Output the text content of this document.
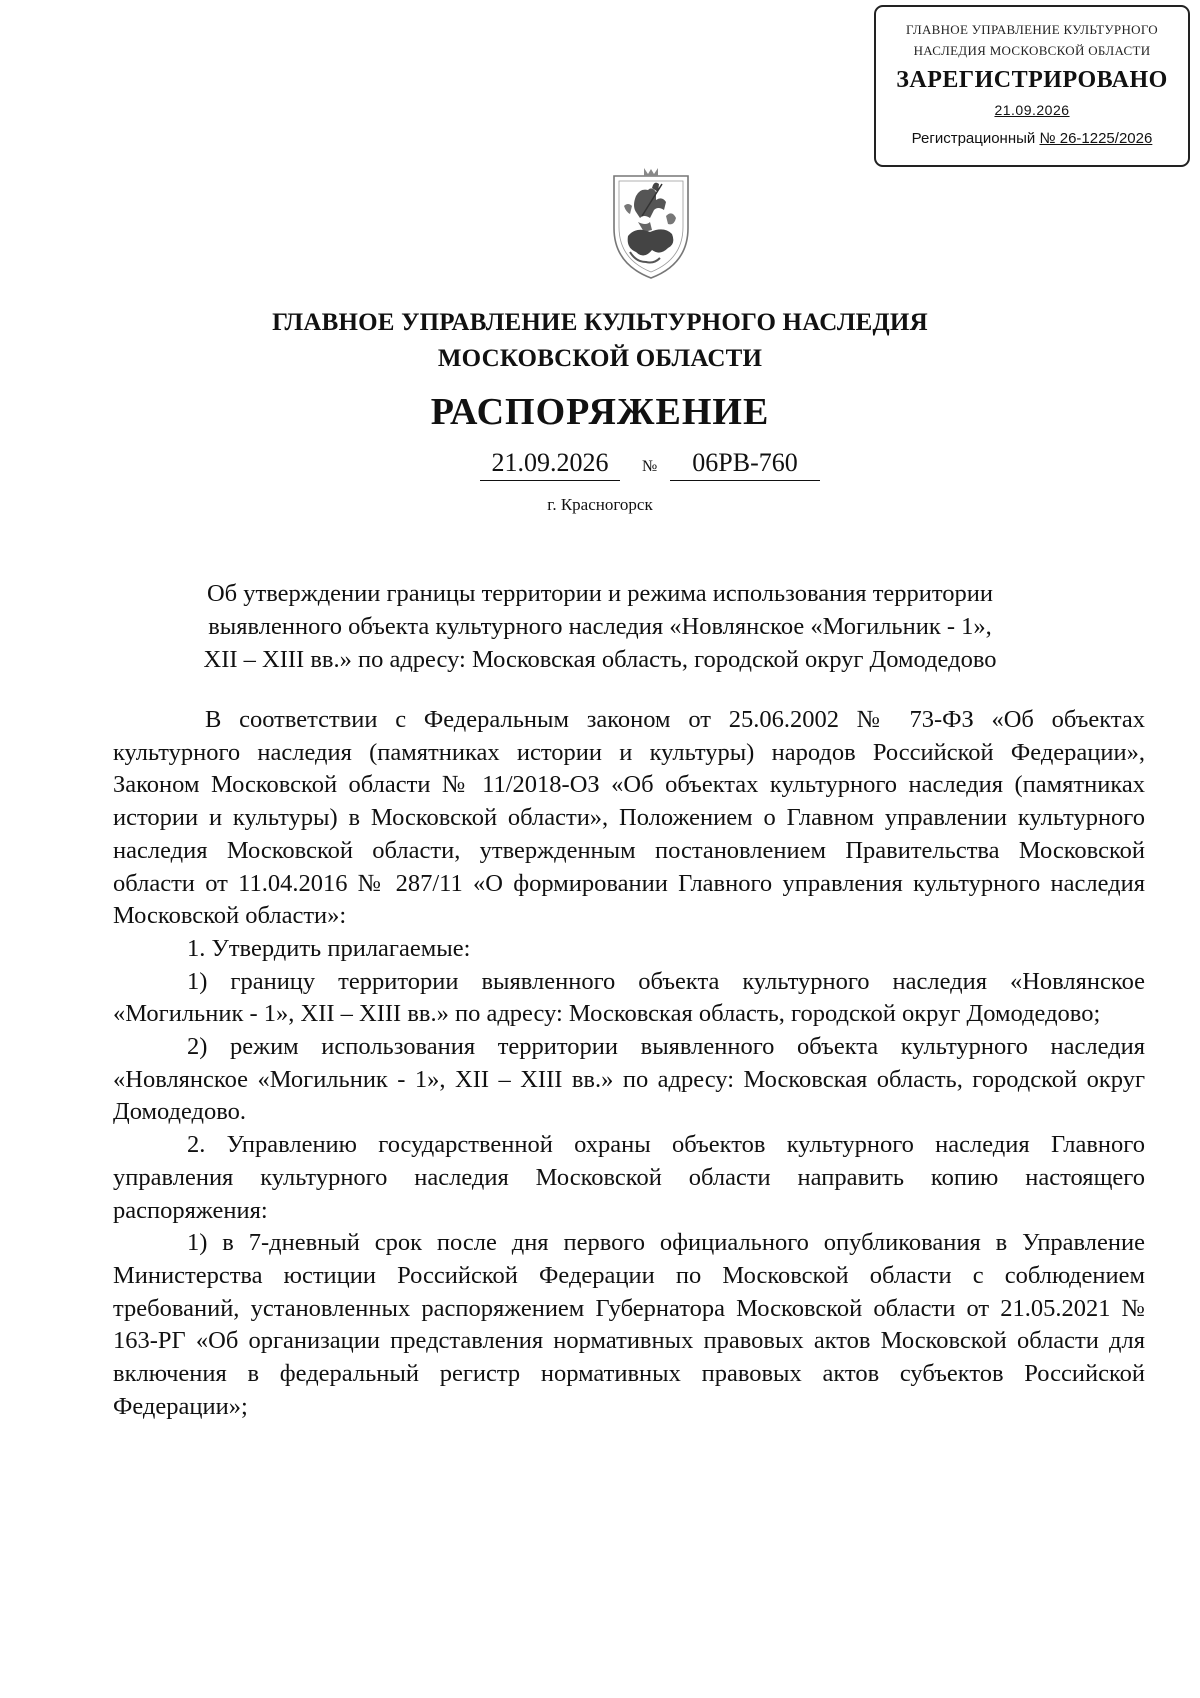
ГЛАВНОЕ УПРАВЛЕНИЕ КУЛЬТУРНОГО
НАСЛЕДИЯ МОСКОВСКОЙ ОБЛАСТИ
ЗАРЕГИСТРИРОВАНО
21.09.2026
Регистрационный № 26-1225/2026
ГЛАВНОЕ УПРАВЛЕНИЕ КУЛЬТУРНОГО НАСЛЕДИЯ
МОСКОВСКОЙ ОБЛАСТИ
РАСПОРЯЖЕНИЕ
21.09.2026	№	06РВ-760
г. Красногорск
Об утверждении границы территории и режима использования территории
выявленного объекта культурного наследия «Новлянское «Могильник - 1»,
XII – XIII вв.» по адресу: Московская область, городской округ Домодедово

В соответствии с Федеральным законом от 25.06.2002 № 73-ФЗ «Об объектах культурного наследия (памятниках истории и культуры) народов Российской Федерации», Законом Московской области № 11/2018-ОЗ «Об объектах культурного наследия (памятниках истории и культуры) в Московской области», Положением о Главном управлении культурного наследия Московской области, утвержденным постановлением Правительства Московской области от 11.04.2016 № 287/11 «О формировании Главного управления культурного наследия Московской области»:

1. Утвердить прилагаемые:

1) границу территории выявленного объекта культурного наследия «Новлянское «Могильник - 1», XII – XIII вв.» по адресу: Московская область, городской округ Домодедово;

2) режим использования территории выявленного объекта культурного наследия «Новлянское «Могильник - 1», XII – XIII вв.» по адресу: Московская область, городской округ Домодедово.

2. Управлению государственной охраны объектов культурного наследия Главного управления культурного наследия Московской области направить копию настоящего распоряжения:

1) в 7-дневный срок после дня первого официального опубликования в Управление Министерства юстиции Российской Федерации по Московской области с соблюдением требований, установленных распоряжением Губернатора Московской области от 21.05.2021 № 163-РГ «Об организации представления нормативных правовых актов Московской области для включения в федеральный регистр нормативных правовых актов субъектов Российской Федерации»;
